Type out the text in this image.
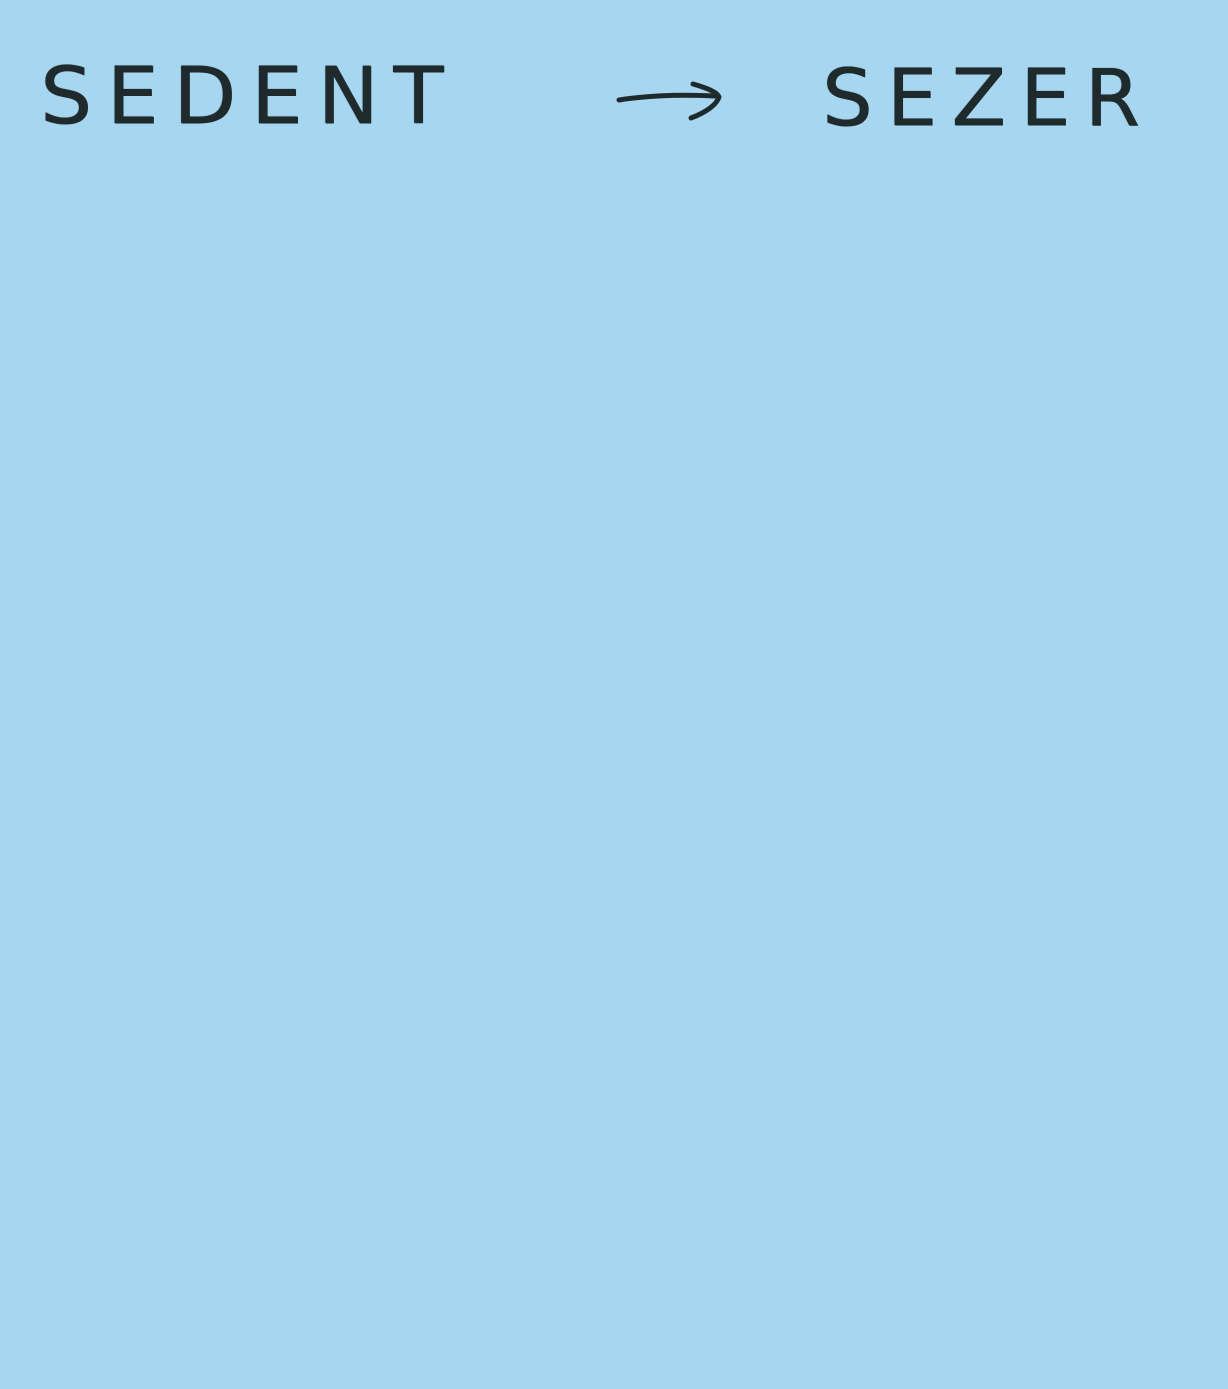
SEDENT	SEZER
